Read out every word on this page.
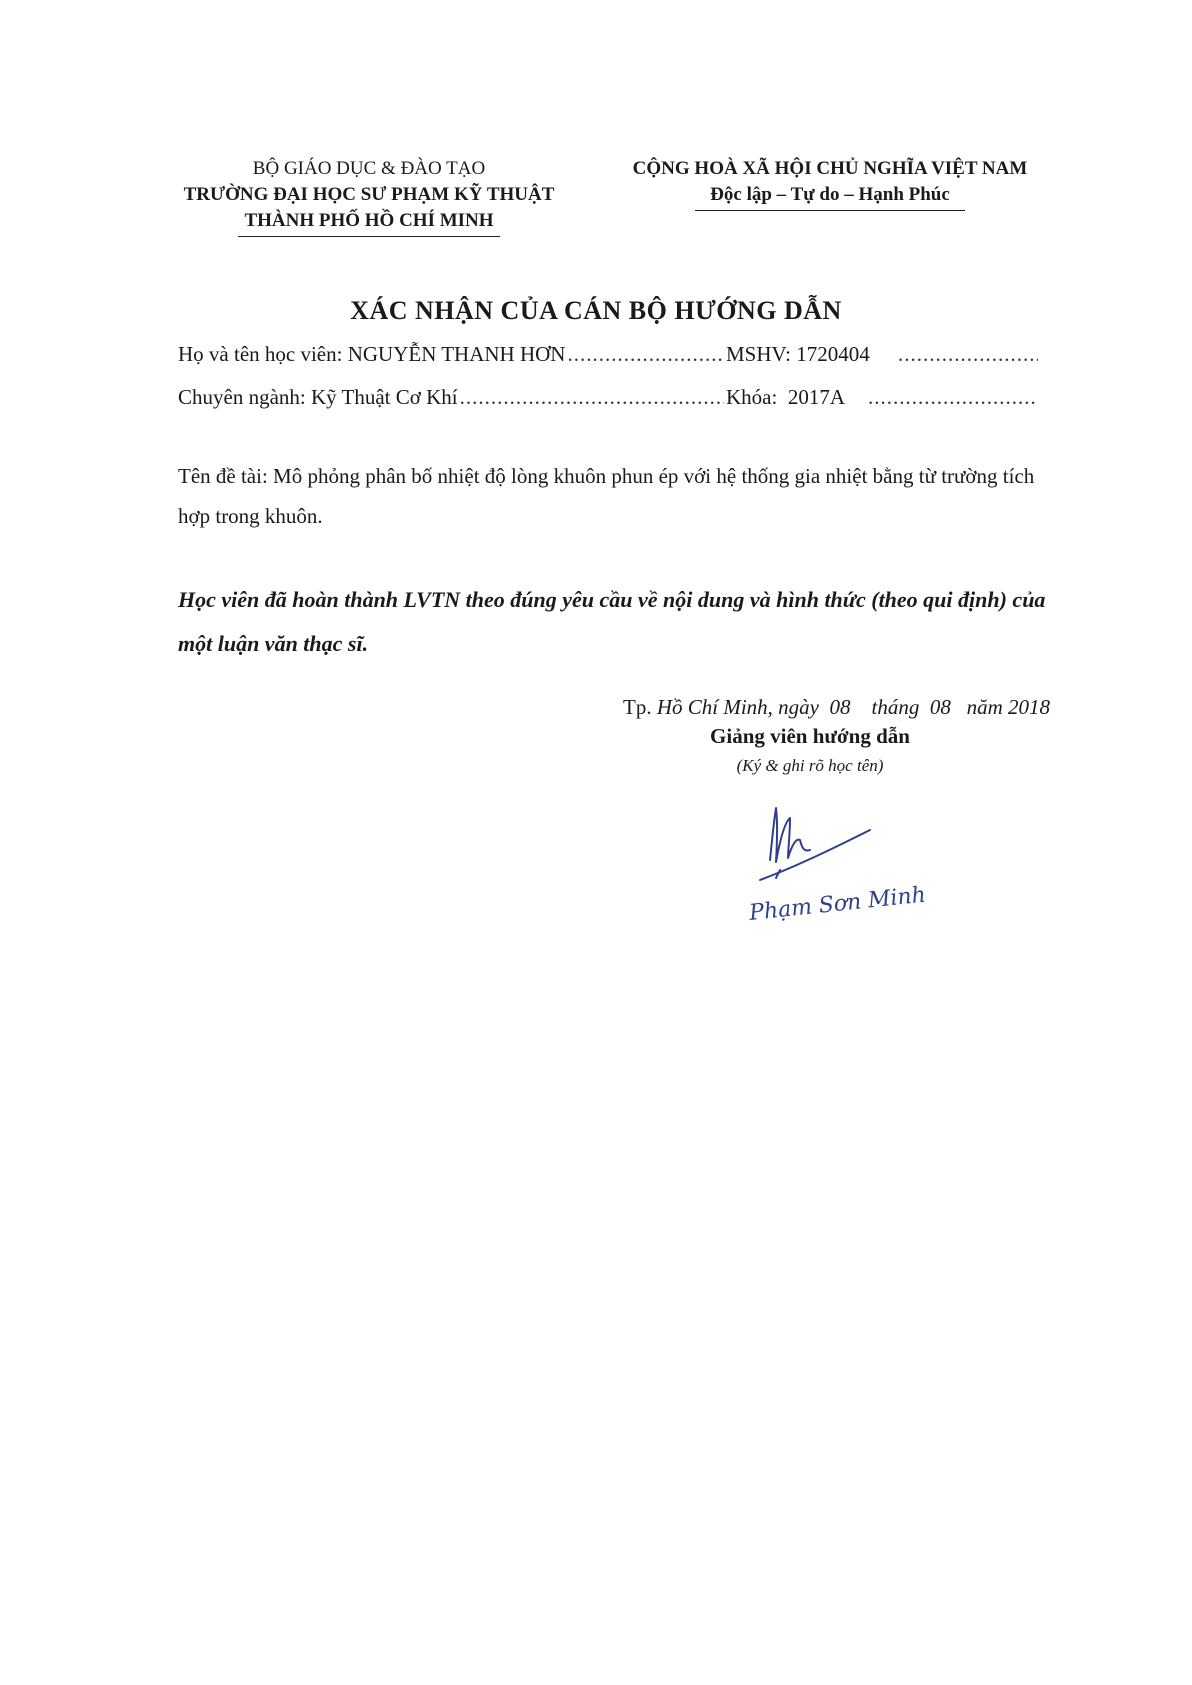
BỘ GIÁO DỤC & ĐÀO TẠO
TRƯỜNG ĐẠI HỌC SƯ PHẠM KỸ THUẬT
THÀNH PHỐ HỒ CHÍ MINH
CỘNG HOÀ XÃ HỘI CHỦ NGHĨA VIỆT NAM
Độc lập – Tự do – Hạnh Phúc
XÁC NHẬN CỦA CÁN BỘ HƯỚNG DẪN
Họ và tên học viên:
NGUYỄN THANH HƠN .....	MSHV: 1720404
.....
Chuyên ngành:
Kỹ Thuật Cơ Khí .....	Khóa: 2017A
.....
Tên đề tài: Mô phỏng phân bố nhiệt độ lòng khuôn phun ép với hệ thống gia nhiệt bằng từ trường tích hợp trong khuôn.
Học viên đã hoàn thành LVTN theo đúng yêu cầu về nội dung và hình thức (theo qui định) của một luận văn thạc sĩ.
Tp. Hồ Chí Minh, ngày 08 tháng 08 năm 2018
Giảng viên hướng dẫn
(Ký & ghi rõ học tên)
Phạm Sơn Minh
